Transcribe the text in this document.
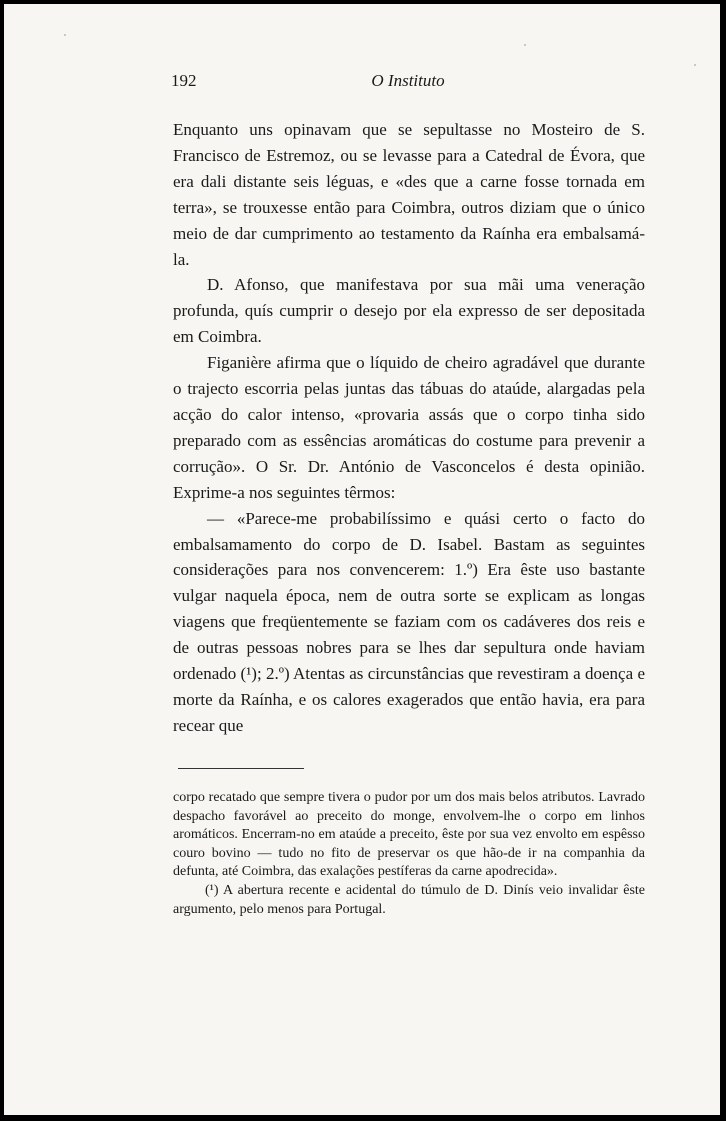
192	O Instituto

Enquanto uns opinavam que se sepultasse no Mosteiro de S. Francisco de Estremoz, ou se levasse para a Catedral de Évora, que era dali distante seis léguas, e «des que a carne fosse tornada em terra», se trouxesse então para Coimbra, outros diziam que o único meio de dar cumprimento ao testamento da Raínha era embalsamá-la.

D. Afonso, que manifestava por sua mãi uma veneração profunda, quís cumprir o desejo por ela expresso de ser depositada em Coimbra.

Figanière afirma que o líquido de cheiro agradável que durante o trajecto escorria pelas juntas das tábuas do ataúde, alargadas pela acção do calor intenso, «provaria assás que o corpo tinha sido preparado com as essências aromáticas do costume para prevenir a corrução». O Sr. Dr. António de Vasconcelos é desta opinião. Exprime-a nos seguintes têrmos:

— «Parece-me probabilíssimo e quási certo o facto do embalsamamento do corpo de D. Isabel. Bastam as seguintes considerações para nos convencerem: 1.º) Era êste uso bastante vulgar naquela época, nem de outra sorte se explicam as longas viagens que freqüentemente se faziam com os cadáveres dos reis e de outras pessoas nobres para se lhes dar sepultura onde haviam ordenado (¹); 2.º) Atentas as circunstâncias que revestiram a doença e morte da Raínha, e os calores exagerados que então havia, era para recear que

corpo recatado que sempre tivera o pudor por um dos mais belos atributos. Lavrado despacho favorável ao preceito do monge, envolvem-lhe o corpo em linhos aromáticos. Encerram-no em ataúde a preceito, êste por sua vez envolto em espêsso couro bovino — tudo no fito de preservar os que hão-de ir na companhia da defunta, até Coimbra, das exalações pestíferas da carne apodrecida».

(¹) A abertura recente e acidental do túmulo de D. Dinís veio invalidar êste argumento, pelo menos para Portugal.
